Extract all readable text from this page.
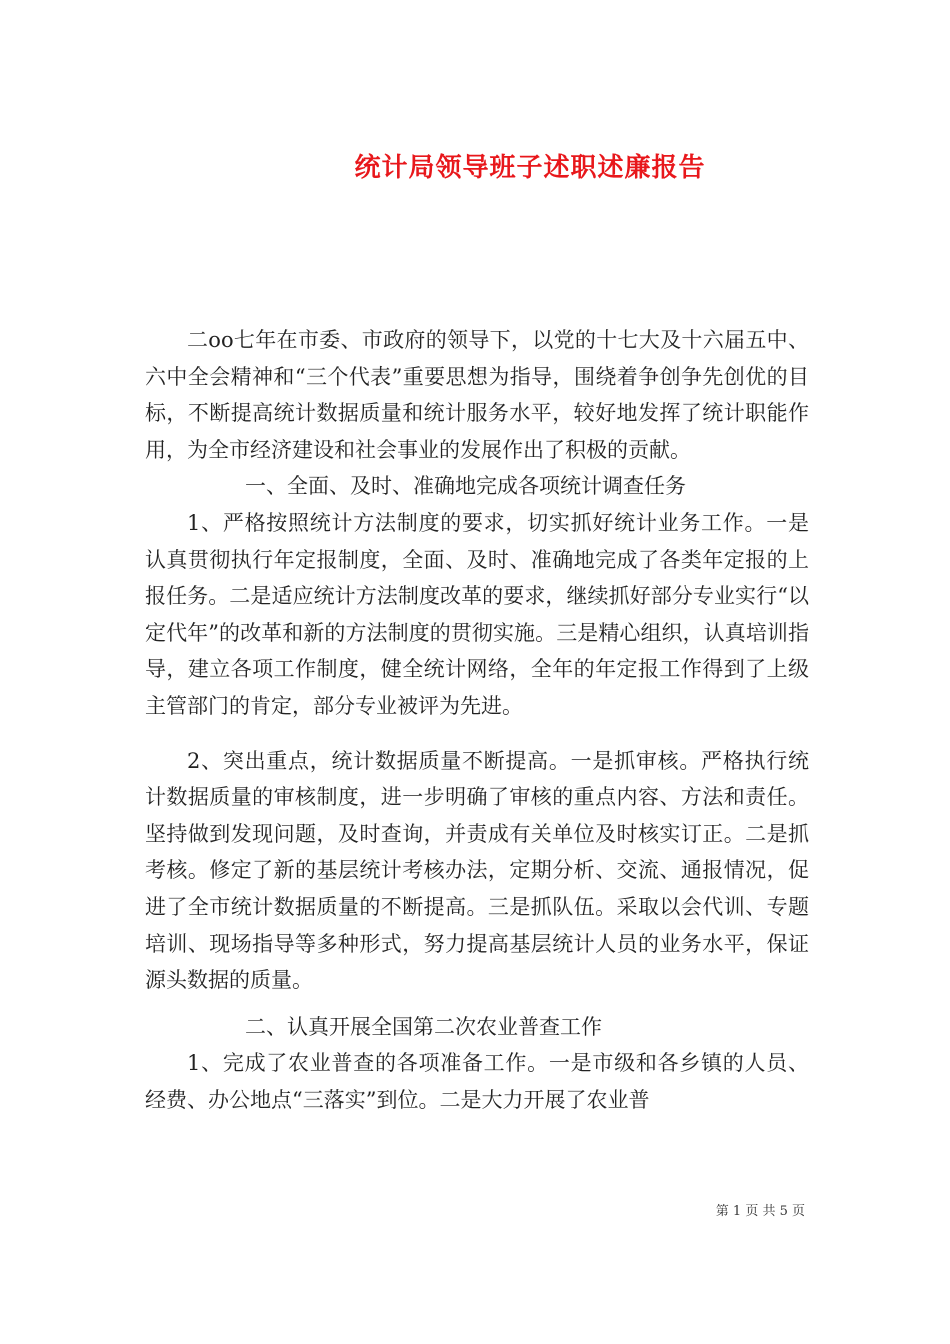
统计局领导班子述职述廉报告

二oo七年在市委、市政府的领导下，以党的十七大及十六届五中、六中全会精神和“三个代表”重要思想为指导，围绕着争创争先创优的目标，不断提高统计数据质量和统计服务水平，较好地发挥了统计职能作用，为全市经济建设和社会事业的发展作出了积极的贡献。

一、全面、及时、准确地完成各项统计调查任务

1、严格按照统计方法制度的要求，切实抓好统计业务工作。一是认真贯彻执行年定报制度，全面、及时、准确地完成了各类年定报的上报任务。二是适应统计方法制度改革的要求，继续抓好部分专业实行“以定代年”的改革和新的方法制度的贯彻实施。三是精心组织，认真培训指导，建立各项工作制度，健全统计网络，全年的年定报工作得到了上级主管部门的肯定，部分专业被评为先进。

2、突出重点，统计数据质量不断提高。一是抓审核。严格执行统计数据质量的审核制度，进一步明确了审核的重点内容、方法和责任。坚持做到发现问题，及时查询，并责成有关单位及时核实订正。二是抓考核。修定了新的基层统计考核办法，定期分析、交流、通报情况，促进了全市统计数据质量的不断提高。三是抓队伍。采取以会代训、专题培训、现场指导等多种形式，努力提高基层统计人员的业务水平，保证源头数据的质量。

二、认真开展全国第二次农业普查工作

1、完成了农业普查的各项准备工作。一是市级和各乡镇的人员、经费、办公地点“三落实”到位。二是大力开展了农业普

第 1 页 共 5 页
